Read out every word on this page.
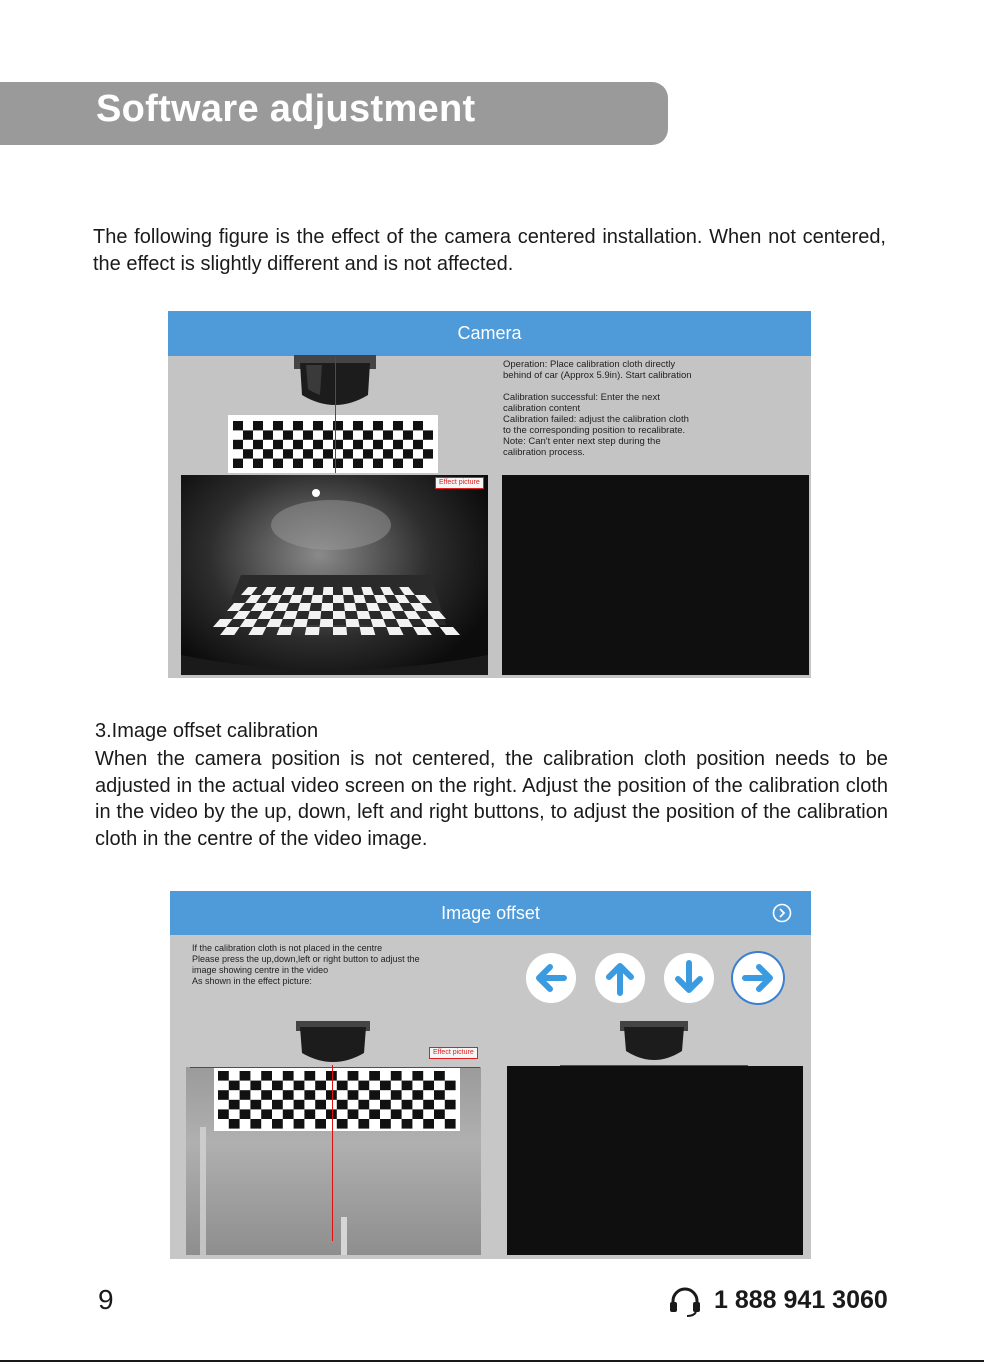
Software adjustment

The following figure is the effect of the camera centered installation. When not centered, the effect is slightly different and is not affected.

Camera

Operation: Place calibration cloth directly

behind of car (Approx 5.9in). Start calibration

Calibration successful: Enter the next

calibration content

Calibration failed: adjust the calibration cloth

to the corresponding position to recalibrate.

Note: Can't enter next step during the

calibration process.

Effect picture
3.Image offset calibration

When the camera position is not centered, the calibration cloth position needs to be adjusted in the actual video screen on the right. Adjust the position of the calibration cloth in the video by the up, down, left and right buttons, to adjust the position of the calibration cloth in the centre of the video image.

Image offset

If the calibration cloth is not placed in the centre

Please press the up,down,left or right button to adjust the

image showing centre in the video

As shown in the effect picture:

Effect picture
9	1 888 941 3060
